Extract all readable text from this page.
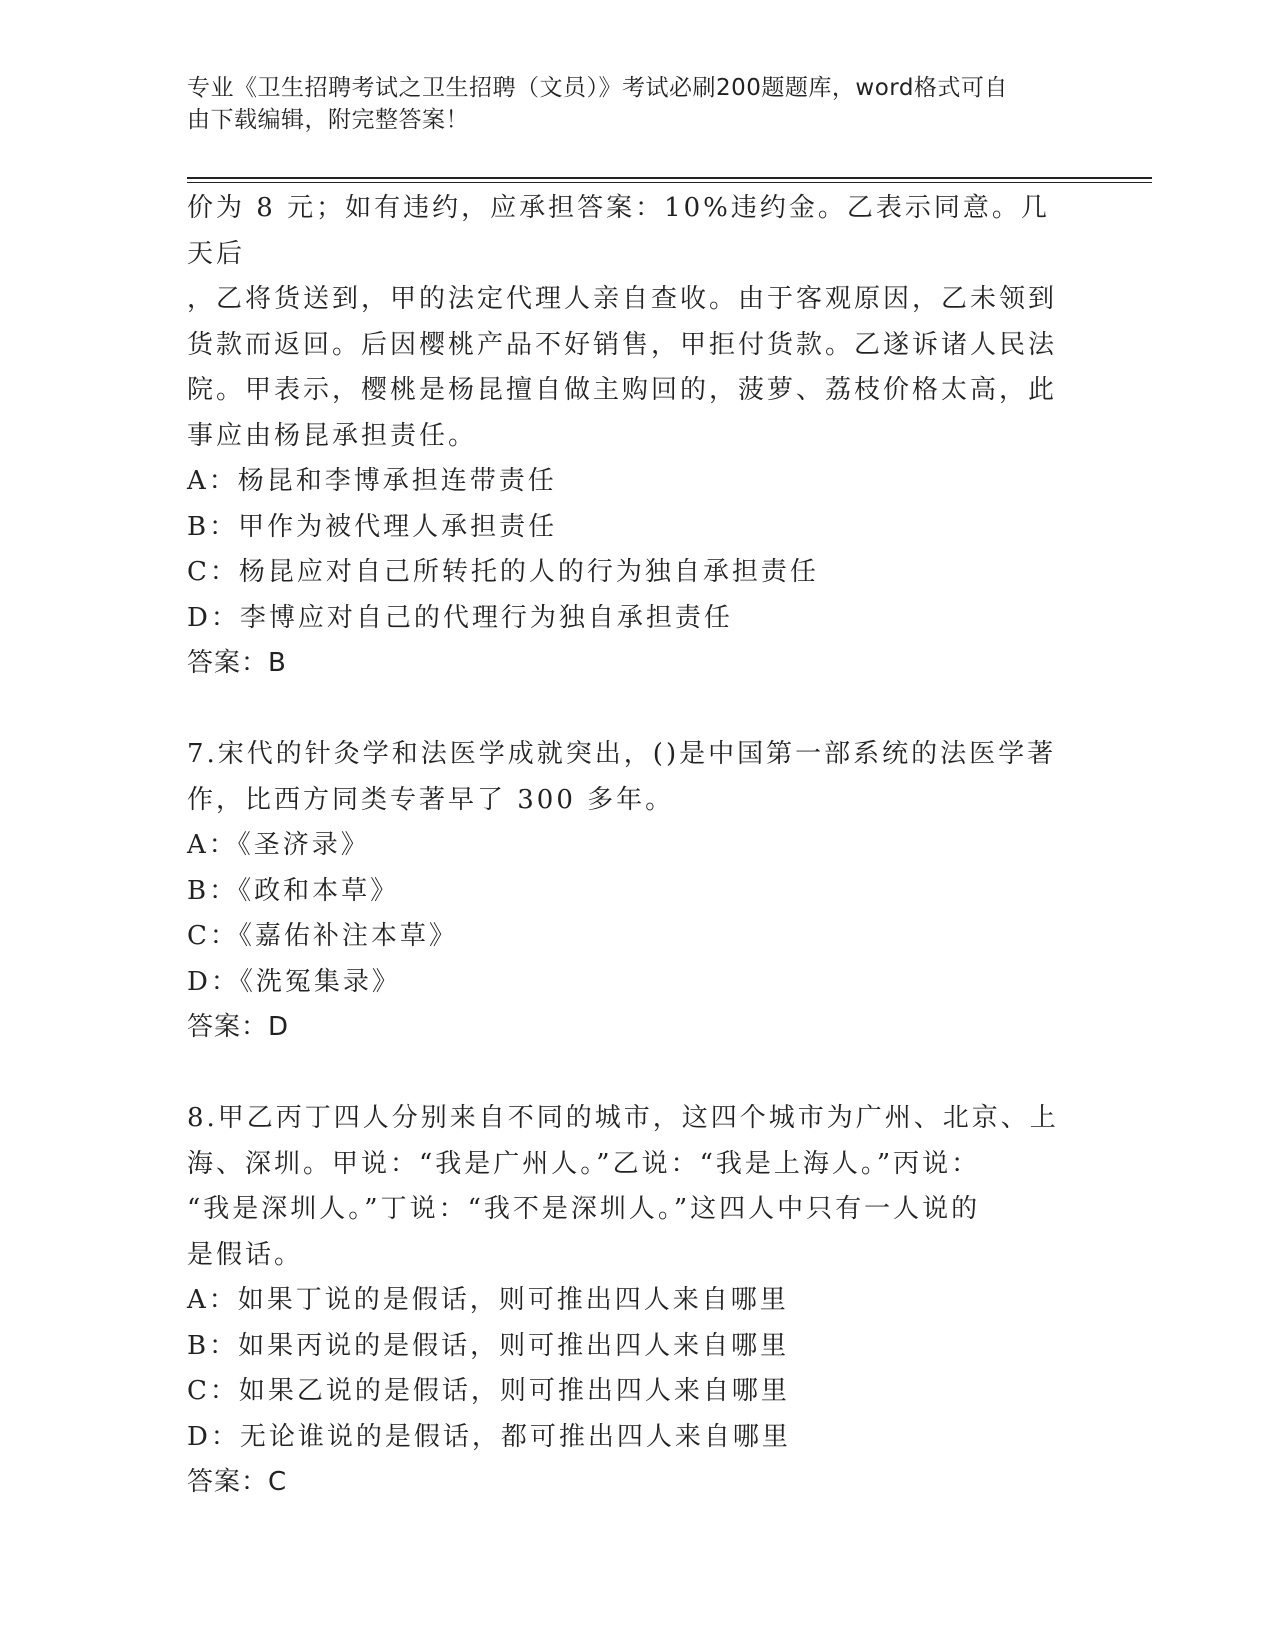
专业《卫生招聘考试之卫生招聘（文员）》考试必刷200题题库，word格式可自
由下载编辑，附完整答案！

价为 8 元；如有违约，应承担答案：10%违约金。乙表示同意。几天后

，乙将货送到，甲的法定代理人亲自查收。由于客观原因，乙未领到

货款而返回。后因樱桃产品不好销售，甲拒付货款。乙遂诉诸人民法

院。甲表示，樱桃是杨昆擅自做主购回的，菠萝、荔枝价格太高，此

事应由杨昆承担责任。

A：杨昆和李博承担连带责任

B：甲作为被代理人承担责任

C：杨昆应对自己所转托的人的行为独自承担责任

D：李博应对自己的代理行为独自承担责任

答案：B

7.宋代的针灸学和法医学成就突出，()是中国第一部系统的法医学著

作，比西方同类专著早了 300 多年。

A：《圣济录》

B：《政和本草》

C：《嘉佑补注本草》

D：《洗冤集录》

答案：D

8.甲乙丙丁四人分别来自不同的城市，这四个城市为广州、北京、上

海、深圳。甲说：“我是广州人。”乙说：“我是上海人。”丙说：

“我是深圳人。”丁说：“我不是深圳人。”这四人中只有一人说的

是假话。

A：如果丁说的是假话，则可推出四人来自哪里

B：如果丙说的是假话，则可推出四人来自哪里

C：如果乙说的是假话，则可推出四人来自哪里

D：无论谁说的是假话，都可推出四人来自哪里

答案：C
